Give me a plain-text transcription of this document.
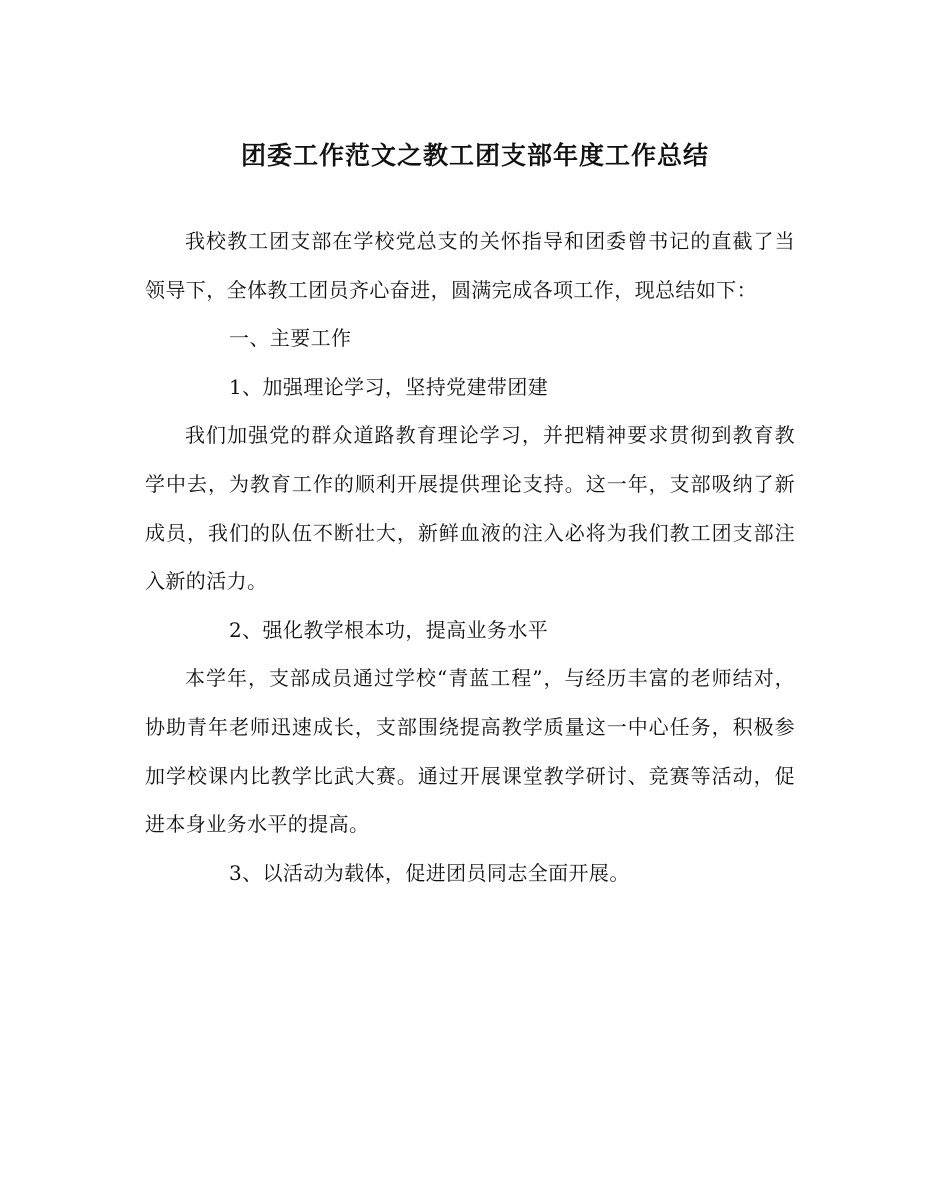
团委工作范文之教工团支部年度工作总结

我校教工团支部在学校党总支的关怀指导和团委曾书记的直截了当领导下，全体教工团员齐心奋进，圆满完成各项工作，现总结如下：

一、主要工作

1、加强理论学习，坚持党建带团建

我们加强党的群众道路教育理论学习，并把精神要求贯彻到教育教学中去，为教育工作的顺利开展提供理论支持。这一年，支部吸纳了新成员，我们的队伍不断壮大，新鲜血液的注入必将为我们教工团支部注入新的活力。

2、强化教学根本功，提高业务水平

本学年，支部成员通过学校“青蓝工程”，与经历丰富的老师结对，协助青年老师迅速成长，支部围绕提高教学质量这一中心任务，积极参加学校课内比教学比武大赛。通过开展课堂教学研讨、竞赛等活动，促进本身业务水平的提高。

3、以活动为载体，促进团员同志全面开展。
